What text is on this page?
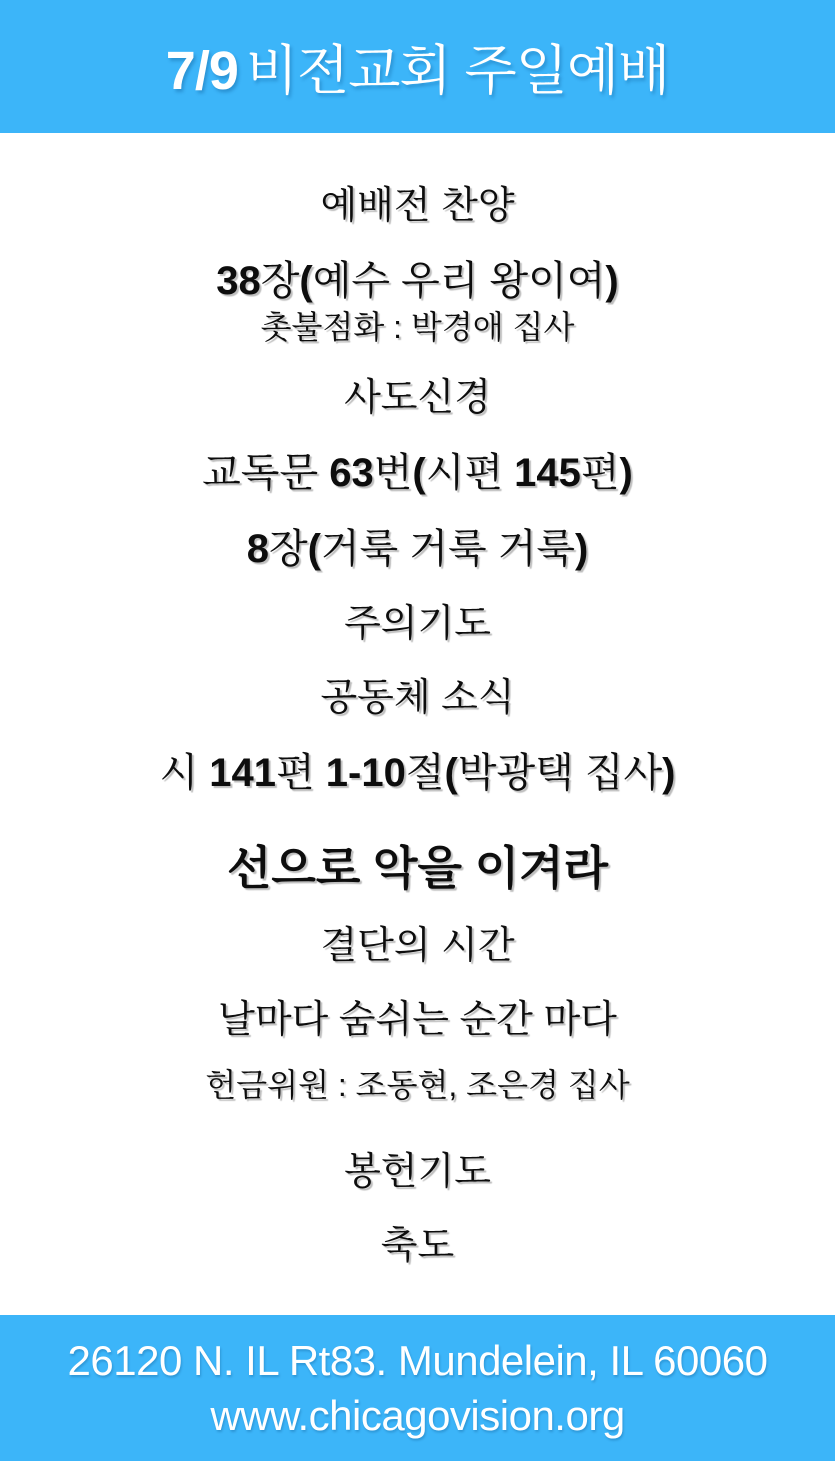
7/9 비전교회 주일예배
예배전 찬양
38장(예수 우리 왕이여)
촛불점화 : 박경애 집사
사도신경
교독문 63번(시편 145편)
8장(거룩 거룩 거룩)
주의기도
공동체 소식
시 141편 1-10절(박광택 집사)
선으로 악을 이겨라
결단의 시간
날마다 숨쉬는 순간 마다
헌금위원 : 조동현, 조은경 집사
봉헌기도
축도
26120 N. IL Rt83. Mundelein, IL 60060
www.chicagovision.org
